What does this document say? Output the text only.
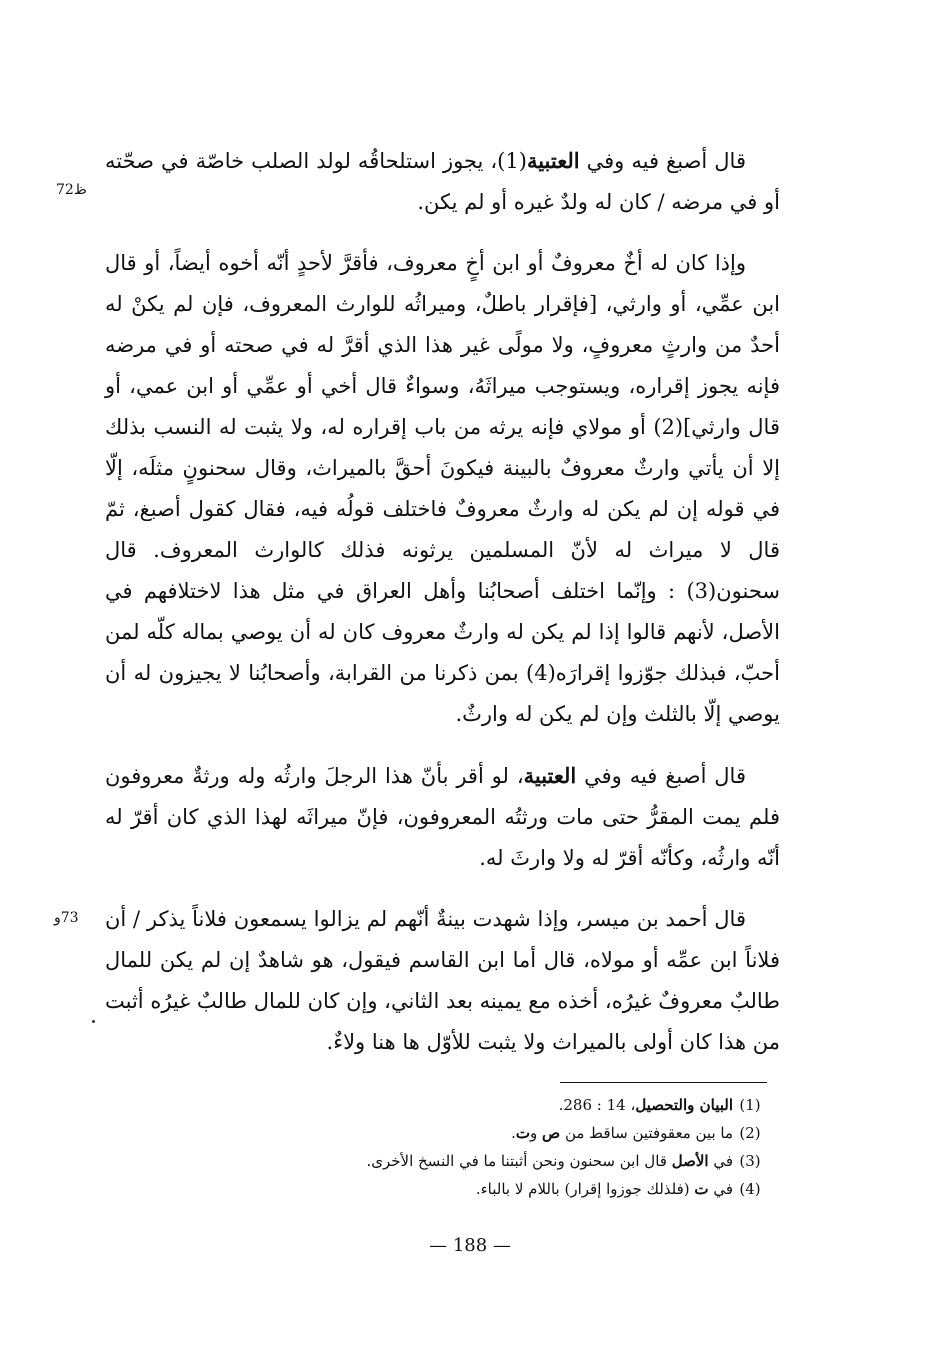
ظ72
73و

قال أصبغ فيه وفي العتبية(1)، يجوز استلحاقُه لولد الصلب خاصّة في صحّته أو في مرضه / كان له ولدٌ غيره أو لم يكن.

وإذا كان له أخٌ معروفٌ أو ابن أخٍ معروف، فأقرَّ لأحدٍ أنّه أخوه أيضاً، أو قال ابن عمِّي، أو وارثي، [فإقرار باطلٌ، وميراثُه للوارث المعروف، فإن لم يكنْ له أحدٌ من وارثٍ معروفٍ، ولا مولًى غير هذا الذي أقرَّ له في صحته أو في مرضه فإنه يجوز إقراره، ويستوجب ميراثَهُ، وسواءٌ قال أخي أو عمِّي أو ابن عمي، أو قال وارثي](2) أو مولاي فإنه يرثه من باب إقراره له، ولا يثبت له النسب بذلك إلا أن يأتي وارثٌ معروفٌ بالبينة فيكونَ أحقَّ بالميراث، وقال سحنونٍ مثلَه، إلّا في قوله إن لم يكن له وارثٌ معروفٌ فاختلف قولُه فيه، فقال كقول أصبغ، ثمّ قال لا ميراث له لأنّ المسلمين يرثونه فذلك كالوارث المعروف. قال سحنون(3) : وإنّما اختلف أصحابُنا وأهل العراق في مثل هذا لاختلافهم في الأصل، لأنهم قالوا إذا لم يكن له وارثٌ معروف كان له أن يوصي بماله كلّه لمن أحبّ، فبذلك جوّزوا إقرارَه(4) بمن ذكرنا من القرابة، وأصحابُنا لا يجيزون له أن يوصي إلّا بالثلث وإن لم يكن له وارثٌ.

قال أصبغ فيه وفي العتبية، لو أقر بأنّ هذا الرجلَ وارثُه وله ورثةٌ معروفون فلم يمت المقرُّ حتى مات ورثتُه المعروفون، فإنّ ميراثَه لهذا الذي كان أقرّ له أنّه وارثُه، وكأنّه أقرّ له ولا وارثَ له.

قال أحمد بن ميسر، وإذا شهدت بينةٌ أنّهم لم يزالوا يسمعون فلاناً يذكر / أن فلاناً ابن عمِّه أو مولاه، قال أما ابن القاسم فيقول، هو شاهدٌ إن لم يكن للمال طالبٌ معروفٌ غيرُه، أخذه مع يمينه بعد الثاني، وإن كان للمال طالبٌ غيرُه أثبت من هذا كان أولى بالميراث ولا يثبت للأوّل ها هنا ولاءٌ.

(1)
البيان والتحصيل، 14 : 286.
(2)
ما بين معقوفتين ساقط من ص وت.
(3)
في الأصل قال ابن سحنون ونحن أثبتنا ما في النسخ الأخرى.
(4)
في ت (فلذلك جوزوا إقرار) باللام لا بالباء.
— 188 —
